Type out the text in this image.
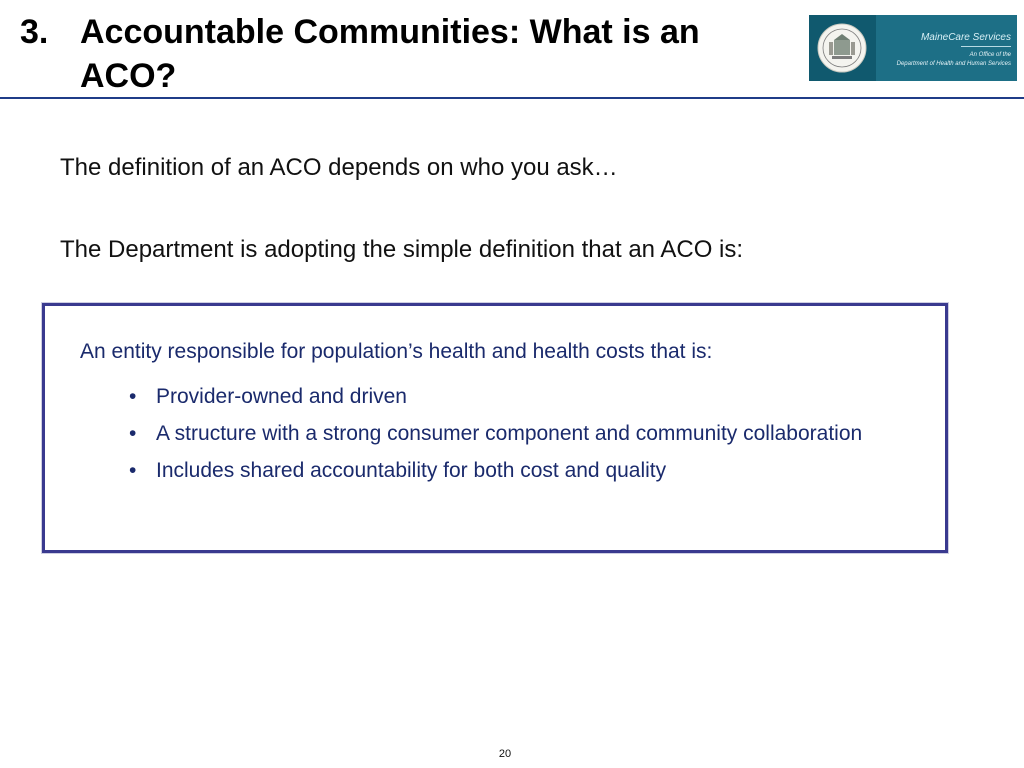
3. Accountable Communities: What is an ACO?
MaineCare Services
An Office of the
Department of Health and Human Services
The definition of an ACO depends on who you ask…
The Department is adopting the simple definition that an ACO is:
An entity responsible for population’s health and health costs that is:
• Provider-owned and driven
• A structure with a strong consumer component and community collaboration
• Includes shared accountability for both cost and quality
20
